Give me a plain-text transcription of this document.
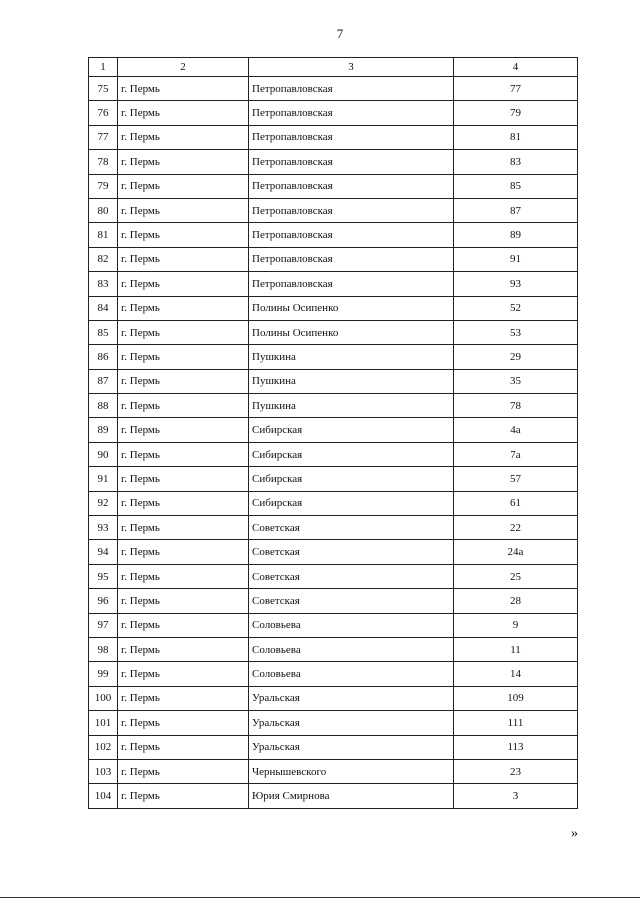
7
1	2	3	4
75	г. Пермь	Петропавловская	77
76	г. Пермь	Петропавловская	79
77	г. Пермь	Петропавловская	81
78	г. Пермь	Петропавловская	83
79	г. Пермь	Петропавловская	85
80	г. Пермь	Петропавловская	87
81	г. Пермь	Петропавловская	89
82	г. Пермь	Петропавловская	91
83	г. Пермь	Петропавловская	93
84	г. Пермь	Полины Осипенко	52
85	г. Пермь	Полины Осипенко	53
86	г. Пермь	Пушкина	29
87	г. Пермь	Пушкина	35
88	г. Пермь	Пушкина	78
89	г. Пермь	Сибирская	4а
90	г. Пермь	Сибирская	7а
91	г. Пермь	Сибирская	57
92	г. Пермь	Сибирская	61
93	г. Пермь	Советская	22
94	г. Пермь	Советская	24а
95	г. Пермь	Советская	25
96	г. Пермь	Советская	28
97	г. Пермь	Соловьева	9
98	г. Пермь	Соловьева	11
99	г. Пермь	Соловьева	14
100	г. Пермь	Уральская	109
101	г. Пермь	Уральская	111
102	г. Пермь	Уральская	113
103	г. Пермь	Чернышевского	23
104	г. Пермь	Юрия Смирнова	3
»
